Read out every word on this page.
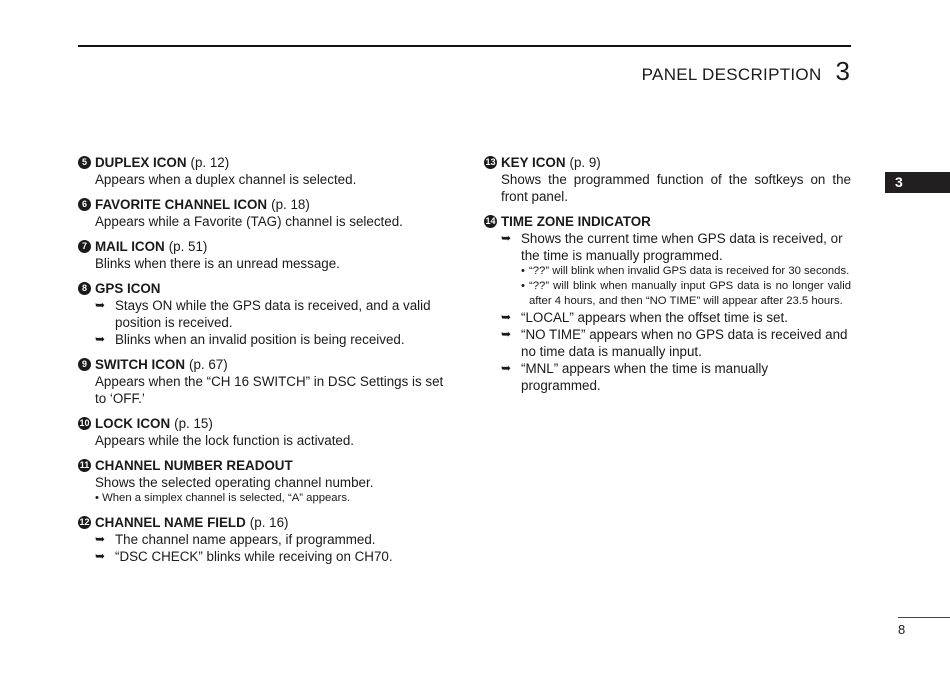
PANEL DESCRIPTION 3
3
5 DUPLEX ICON (p. 12)
Appears when a duplex channel is selected.
6 FAVORITE CHANNEL ICON (p. 18)
Appears while a Favorite (TAG) channel is selected.
7 MAIL ICON (p. 51)
Blinks when there is an unread message.
8 GPS ICON
➥ Stays ON while the GPS data is received, and a valid position is received.
➥ Blinks when an invalid position is being received.
9 SWITCH ICON (p. 67)
Appears when the “CH 16 SWITCH” in DSC Settings is set to ‘OFF.’
10 LOCK ICON (p. 15)
Appears while the lock function is activated.
11 CHANNEL NUMBER READOUT
Shows the selected operating channel number.
• When a simplex channel is selected, “A” appears.
12 CHANNEL NAME FIELD (p. 16)
➥ The channel name appears, if programmed.
➥ “DSC CHECK” blinks while receiving on CH70.
13 KEY ICON (p. 9)
Shows the programmed function of the softkeys on the front panel.
14 TIME ZONE INDICATOR
➥ Shows the current time when GPS data is received, or the time is manually programmed.
• “??” will blink when invalid GPS data is received for 30 seconds.
• “??” will blink when manually input GPS data is no longer valid after 4 hours, and then “NO TIME” will appear after 23.5 hours.
➥ “LOCAL” appears when the offset time is set.
➥ “NO TIME” appears when no GPS data is received and no time data is manually input.
➥ “MNL” appears when the time is manually programmed.
8
